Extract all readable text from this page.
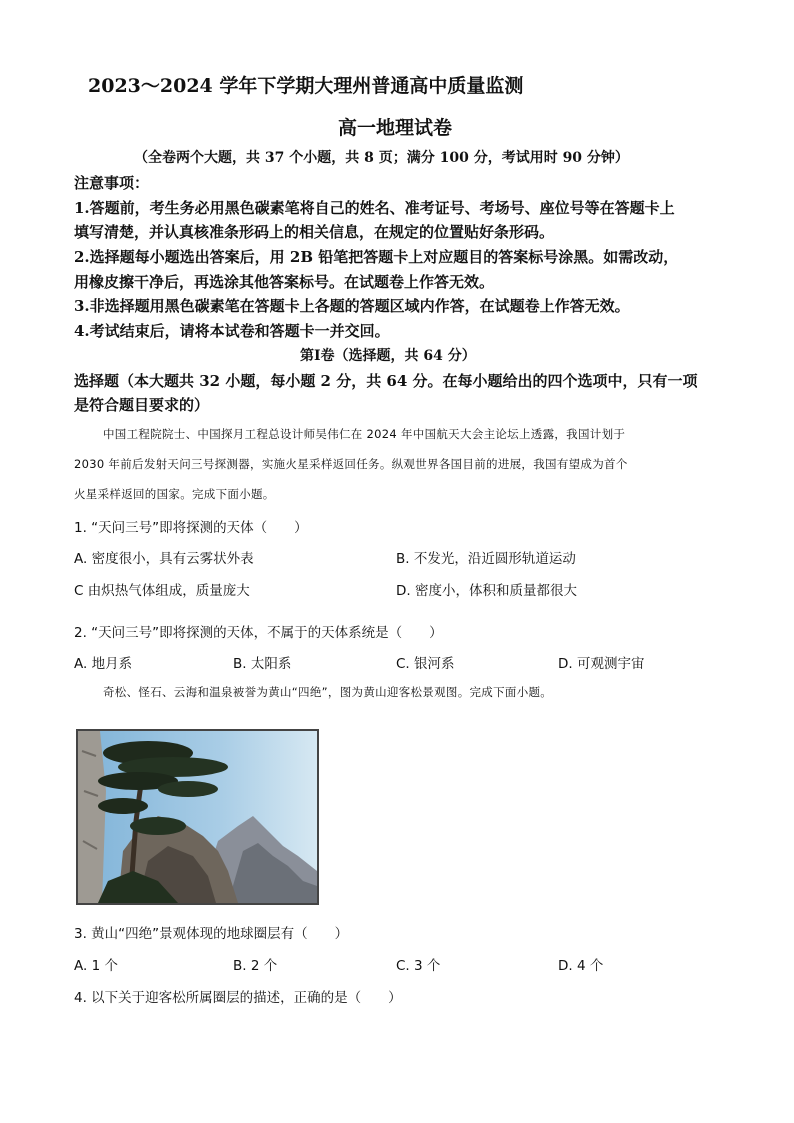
2023～2024 学年下学期大理州普通高中质量监测
高一地理试卷
（全卷两个大题，共 37 个小题，共 8 页；满分 100 分，考试用时 90 分钟）
注意事项：
1.答题前，考生务必用黑色碳素笔将自己的姓名、准考证号、考场号、座位号等在答题卡上
填写清楚，并认真核准条形码上的相关信息，在规定的位置贴好条形码。
2.选择题每小题选出答案后，用 2B 铅笔把答题卡上对应题目的答案标号涂黑。如需改动，
用橡皮擦干净后，再选涂其他答案标号。在试题卷上作答无效。
3.非选择题用黑色碳素笔在答题卡上各题的答题区域内作答，在试题卷上作答无效。
4.考试结束后，请将本试卷和答题卡一并交回。
第Ⅰ卷（选择题，共 64 分）
选择题（本大题共 32 小题，每小题 2 分，共 64 分。在每小题给出的四个选项中，只有一项
是符合题目要求的）
中国工程院院士、中国探月工程总设计师吴伟仁在 2024 年中国航天大会主论坛上透露，我国计划于
2030 年前后发射天问三号探测器，实施火星采样返回任务。纵观世界各国目前的进展，我国有望成为首个
火星采样返回的国家。完成下面小题。
1. “天问三号”即将探测的天体（　　）
A. 密度很小，具有云雾状外表	B. 不发光，沿近圆形轨道运动
C 由炽热气体组成，质量庞大	D. 密度小，体积和质量都很大
2. “天问三号”即将探测的天体，不属于的天体系统是（　　）
A. 地月系	B. 太阳系	C. 银河系	D. 可观测宇宙
奇松、怪石、云海和温泉被誉为黄山“四绝”，图为黄山迎客松景观图。完成下面小题。
3. 黄山“四绝”景观体现的地球圈层有（　　）
A. 1 个	B. 2 个	C. 3 个	D. 4 个
4. 以下关于迎客松所属圈层的描述，正确的是（　　）
